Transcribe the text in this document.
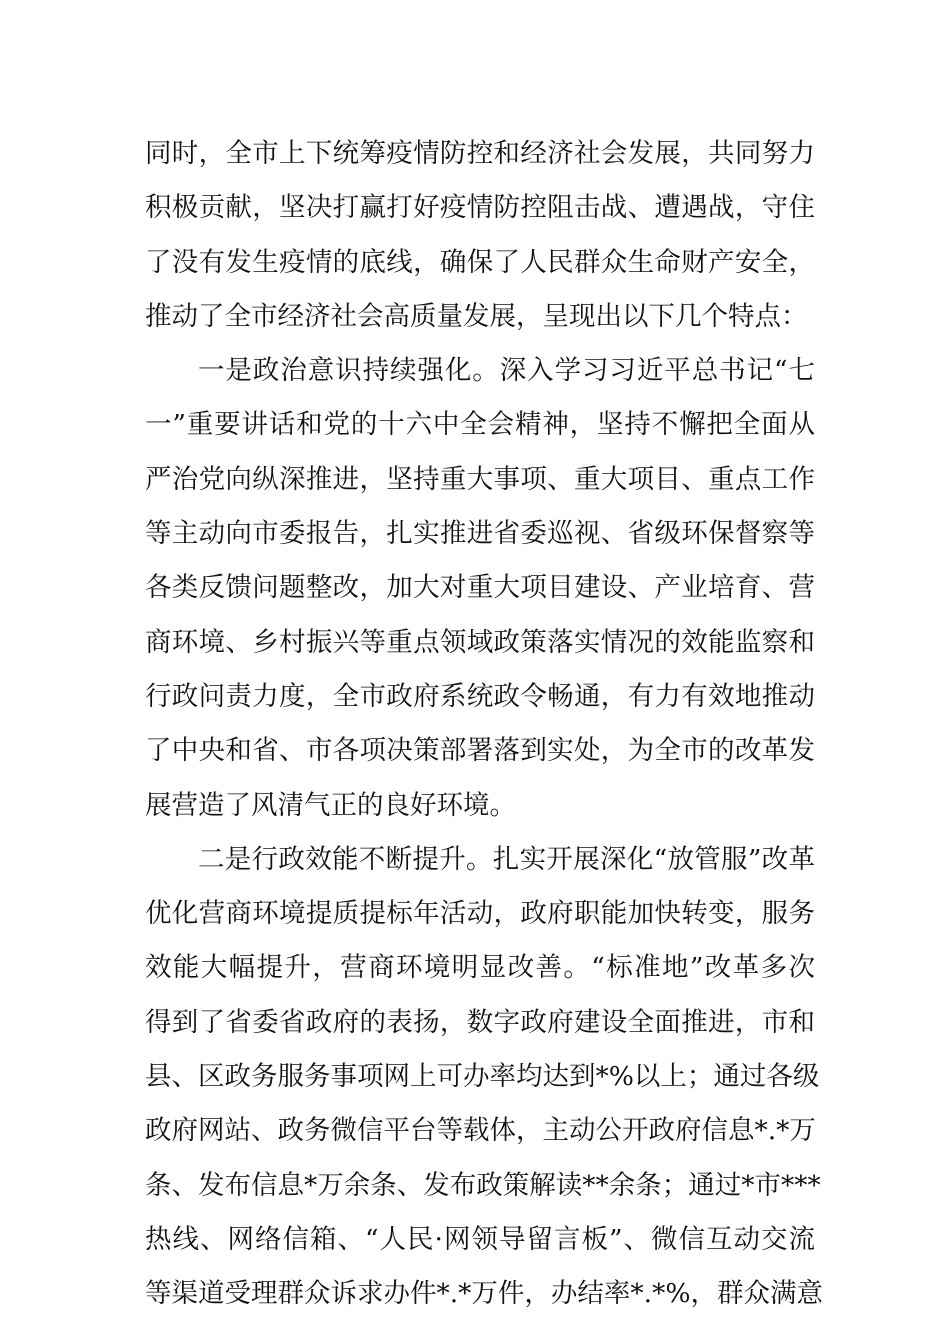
同时，全市上下统筹疫情防控和经济社会发展，共同努力
积极贡献，坚决打赢打好疫情防控阻击战、遭遇战，守住
了没有发生疫情的底线，确保了人民群众生命财产安全，
推动了全市经济社会高质量发展，呈现出以下几个特点：
一是政治意识持续强化。深入学习习近平总书记“七
一”重要讲话和党的十六中全会精神，坚持不懈把全面从
严治党向纵深推进，坚持重大事项、重大项目、重点工作
等主动向市委报告，扎实推进省委巡视、省级环保督察等
各类反馈问题整改，加大对重大项目建设、产业培育、营
商环境、乡村振兴等重点领域政策落实情况的效能监察和
行政问责力度，全市政府系统政令畅通，有力有效地推动
了中央和省、市各项决策部署落到实处，为全市的改革发
展营造了风清气正的良好环境。
二是行政效能不断提升。扎实开展深化“放管服”改革
优化营商环境提质提标年活动，政府职能加快转变，服务
效能大幅提升，营商环境明显改善。“标准地”改革多次
得到了省委省政府的表扬，数字政府建设全面推进，市和
县、区政务服务事项网上可办率均达到*%以上；通过各级
政府网站、政务微信平台等载体，主动公开政府信息*.*万
条、发布信息*万余条、发布政策解读**余条；通过*市***
热线、网络信箱、“人民·网领导留言板”、微信互动交流
等渠道受理群众诉求办件*.*万件，办结率*.*%，群众满意
